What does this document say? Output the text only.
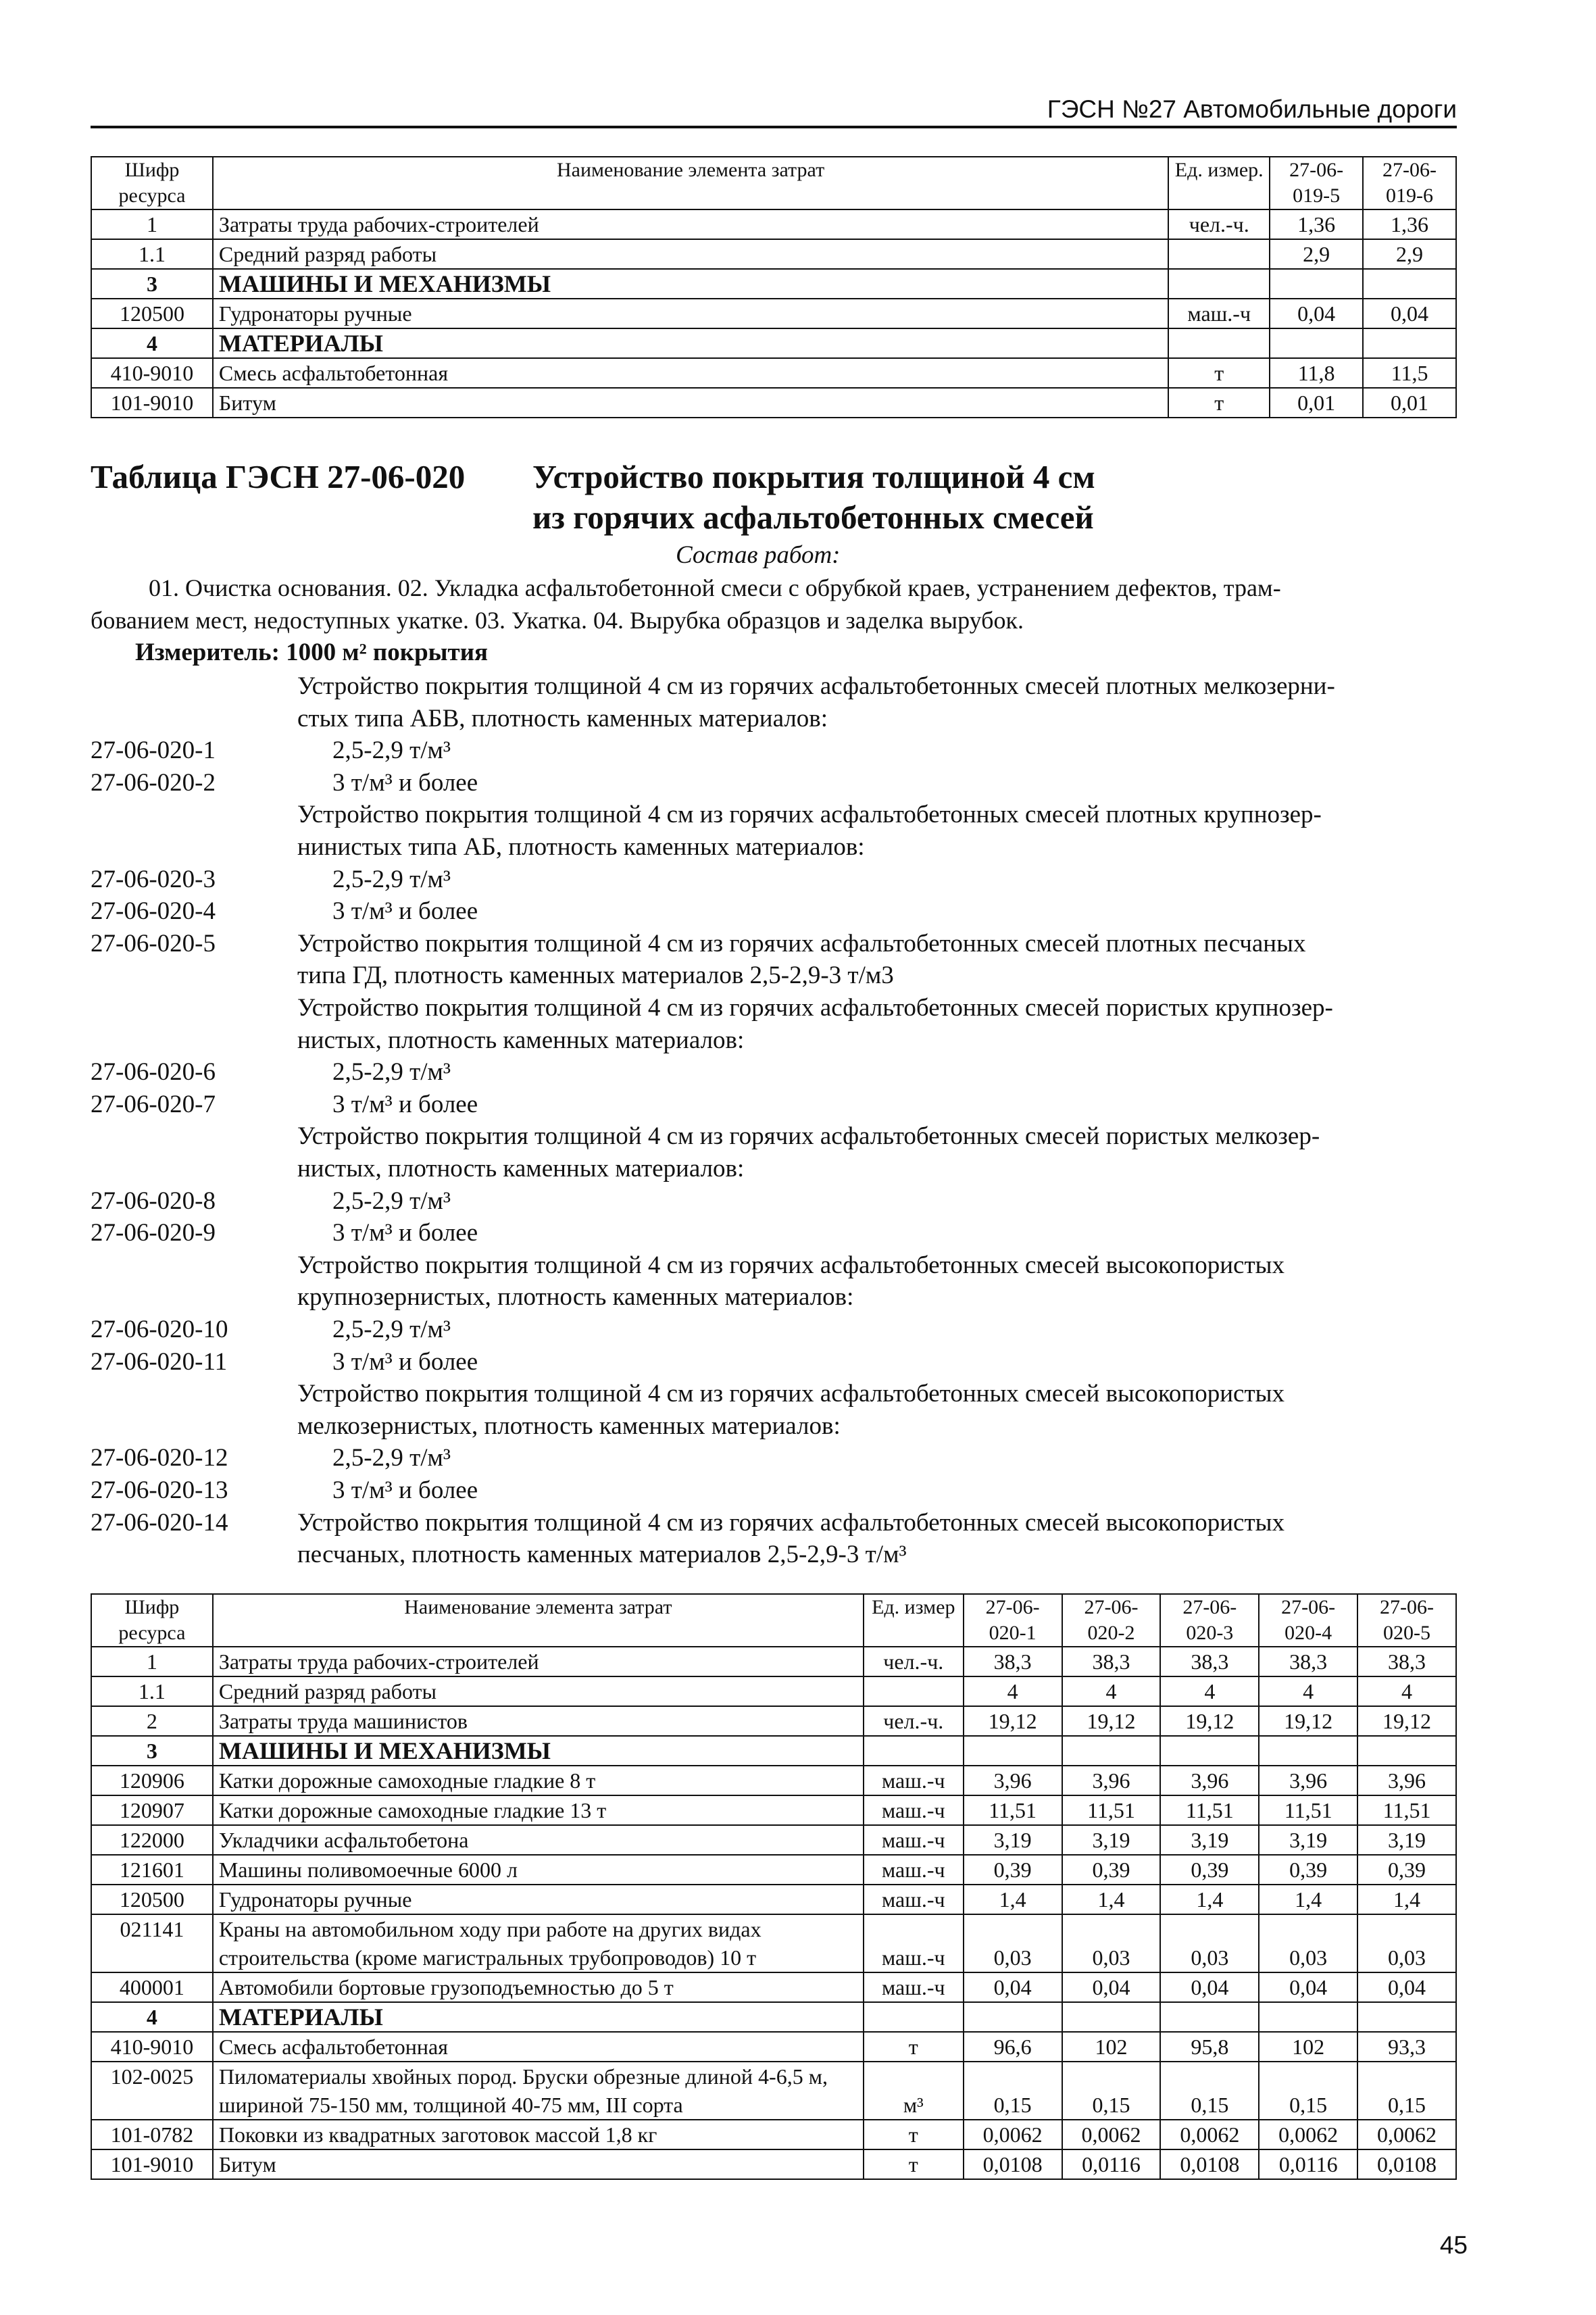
ГЭСН №27 Автомобильные дороги
Шифр ресурса	Наименование элемента затрат	Ед. измер.	27-06-019-5	27-06-019-6
1	Затраты труда рабочих-строителей	чел.-ч.	1,36	1,36
1.1	Средний разряд работы		2,9	2,9
3	МАШИНЫ И МЕХАНИЗМЫ			
120500	Гудронаторы ручные	маш.-ч	0,04	0,04
4	МАТЕРИАЛЫ			
410-9010	Смесь асфальтобетонная	т	11,8	11,5
101-9010	Битум	т	0,01	0,01
Таблица ГЭСН 27-06-020 Устройство покрытия толщиной 4 см
из горячих асфальтобетонных смесей
Состав работ:
01. Очистка основания. 02. Укладка асфальтобетонной смеси с обрубкой краев, устранением дефектов, трам-
бованием мест, недоступных укатке. 03. Укатка. 04. Вырубка образцов и заделка вырубок.
Измеритель: 1000 м² покрытия
Устройство покрытия толщиной 4 см из горячих асфальтобетонных смесей плотных мелкозерни-
стых типа АБВ, плотность каменных материалов:
27-06-020-1	2,5-2,9 т/м³
27-06-020-2	3 т/м³ и более
Устройство покрытия толщиной 4 см из горячих асфальтобетонных смесей плотных крупнозер-
нинистых типа АБ, плотность каменных материалов:
27-06-020-3	2,5-2,9 т/м³
27-06-020-4	3 т/м³ и более
27-06-020-5	Устройство покрытия толщиной 4 см из горячих асфальтобетонных смесей плотных песчаных
типа ГД, плотность каменных материалов 2,5-2,9-3 т/м3
Устройство покрытия толщиной 4 см из горячих асфальтобетонных смесей пористых крупнозер-
нистых, плотность каменных материалов:
27-06-020-6	2,5-2,9 т/м³
27-06-020-7	3 т/м³ и более
Устройство покрытия толщиной 4 см из горячих асфальтобетонных смесей пористых мелкозер-
нистых, плотность каменных материалов:
27-06-020-8	2,5-2,9 т/м³
27-06-020-9	3 т/м³ и более
Устройство покрытия толщиной 4 см из горячих асфальтобетонных смесей высокопористых
крупнозернистых, плотность каменных материалов:
27-06-020-10	2,5-2,9 т/м³
27-06-020-11	3 т/м³ и более
Устройство покрытия толщиной 4 см из горячих асфальтобетонных смесей высокопористых
мелкозернистых, плотность каменных материалов:
27-06-020-12	2,5-2,9 т/м³
27-06-020-13	3 т/м³ и более
27-06-020-14	Устройство покрытия толщиной 4 см из горячих асфальтобетонных смесей высокопористых
песчаных, плотность каменных материалов 2,5-2,9-3 т/м³
Шифр ресурса	Наименование элемента затрат	Ед. измер	27-06-020-1	27-06-020-2	27-06-020-3	27-06-020-4	27-06-020-5
1	Затраты труда рабочих-строителей	чел.-ч.	38,3	38,3	38,3	38,3	38,3
1.1	Средний разряд работы		4	4	4	4	4
2	Затраты труда машинистов	чел.-ч.	19,12	19,12	19,12	19,12	19,12
3	МАШИНЫ И МЕХАНИЗМЫ						
120906	Катки дорожные самоходные гладкие 8 т	маш.-ч	3,96	3,96	3,96	3,96	3,96
120907	Катки дорожные самоходные гладкие 13 т	маш.-ч	11,51	11,51	11,51	11,51	11,51
122000	Укладчики асфальтобетона	маш.-ч	3,19	3,19	3,19	3,19	3,19
121601	Машины поливомоечные 6000 л	маш.-ч	0,39	0,39	0,39	0,39	0,39
120500	Гудронаторы ручные	маш.-ч	1,4	1,4	1,4	1,4	1,4
021141	Краны на автомобильном ходу при работе на других видах строительства (кроме магистральных трубопроводов) 10 т	маш.-ч	0,03	0,03	0,03	0,03	0,03
400001	Автомобили бортовые грузоподъемностью до 5 т	маш.-ч	0,04	0,04	0,04	0,04	0,04
4	МАТЕРИАЛЫ						
410-9010	Смесь асфальтобетонная	т	96,6	102	95,8	102	93,3
102-0025	Пиломатериалы хвойных пород. Бруски обрезные длиной 4-6,5 м, шириной 75-150 мм, толщиной 40-75 мм, III сорта	м³	0,15	0,15	0,15	0,15	0,15
101-0782	Поковки из квадратных заготовок массой 1,8 кг	т	0,0062	0,0062	0,0062	0,0062	0,0062
101-9010	Битум	т	0,0108	0,0116	0,0108	0,0116	0,0108
45
